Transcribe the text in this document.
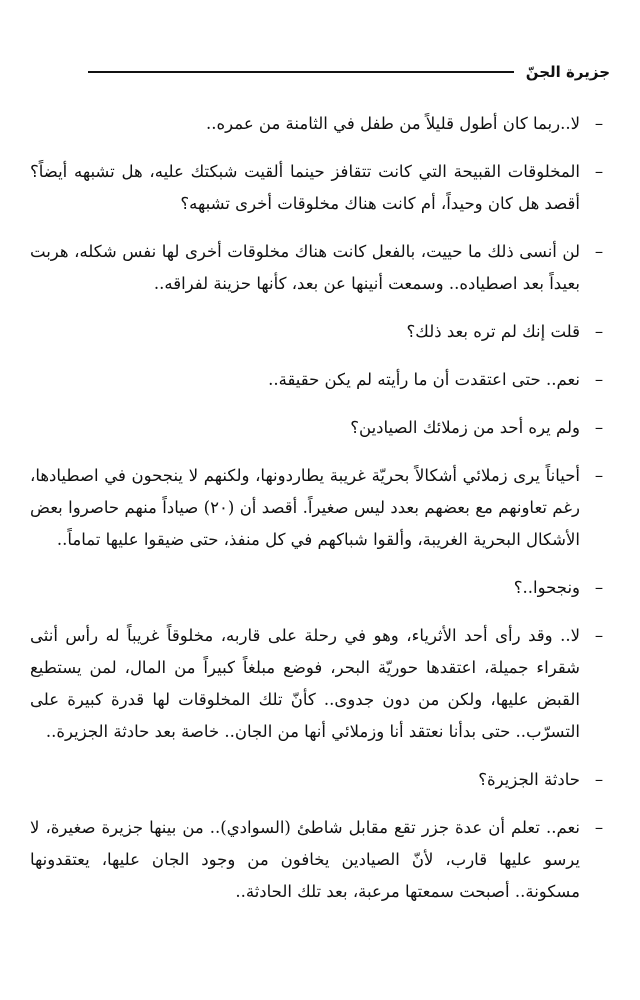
جزيرة الجنّ

–
لا..ربما كان أطول قليلاً من طفل في الثامنة من عمره..

–
المخلوقات القبيحة التي كانت تتقافز حينما ألقيت شبكتك عليه، هل تشبهه أيضاً؟ أقصد هل كان وحيداً، أم كانت هناك مخلوقات أخرى تشبهه؟

–
لن أنسى ذلك ما حييت، بالفعل كانت هناك مخلوقات أخرى لها نفس شكله، هربت بعيداً بعد اصطياده.. وسمعت أنينها عن بعد، كأنها حزينة لفراقه..

–
قلت إنك لم تره بعد ذلك؟

–
نعم.. حتى اعتقدت أن ما رأيته لم يكن حقيقة..

–
ولم يره أحد من زملائك الصيادين؟

–
أحياناً يرى زملائي أشكالاً بحريّة غريبة يطاردونها، ولكنهم لا ينجحون في اصطيادها، رغم تعاونهم مع بعضهم بعدد ليس صغيراً. أقصد أن (٢٠) صياداً منهم حاصروا بعض الأشكال البحرية الغريبة، وألقوا شباكهم في كل منفذ، حتى ضيقوا عليها تماماً..

–
ونجحوا..؟

–
لا.. وقد رأى أحد الأثرياء، وهو في رحلة على قاربه، مخلوقاً غريباً له رأس أنثى شقراء جميلة، اعتقدها حوريّة البحر، فوضع مبلغاً كبيراً من المال، لمن يستطيع القبض عليها، ولكن من دون جدوى.. كأنّ تلك المخلوقات لها قدرة كبيرة على التسرّب.. حتى بدأنا نعتقد أنا وزملائي أنها من الجان.. خاصة بعد حادثة الجزيرة..

–
حادثة الجزيرة؟

–
نعم.. تعلم أن عدة جزر تقع مقابل شاطئ (السوادي).. من بينها جزيرة صغيرة، لا يرسو عليها قارب، لأنّ الصيادين يخافون من وجود الجان عليها، يعتقدونها مسكونة.. أصبحت سمعتها مرعبة، بعد تلك الحادثة..
